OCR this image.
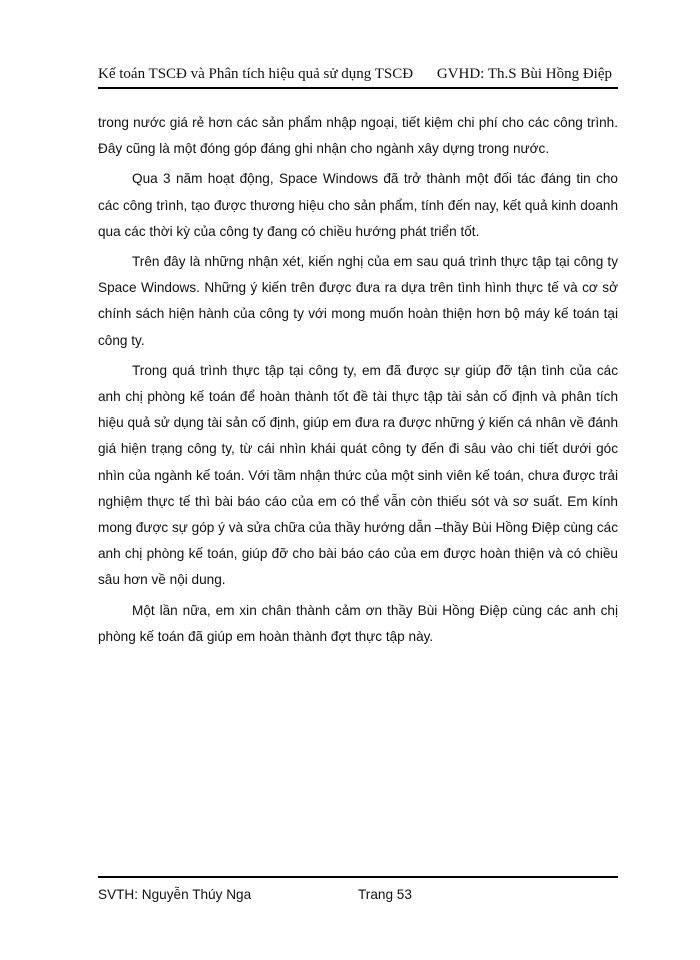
Kế toán TSCĐ và Phân tích hiệu quả sử dụng TSCĐ GVHD: Th.S Bùi Hồng Điệp

trong nước giá rẻ hơn các sản phẩm nhập ngoại, tiết kiệm chi phí cho các công trình. Đây cũng là một đóng góp đáng ghi nhận cho ngành xây dựng trong nước.

Qua 3 năm hoạt động, Space Windows đã trở thành một đối tác đáng tin cho các công trình, tạo được thương hiệu cho sản phẩm, tính đến nay, kết quả kinh doanh qua các thời kỳ của công ty đang có chiều hướng phát triển tốt.

Trên đây là những nhận xét, kiến nghị của em sau quá trình thực tập tại công ty Space Windows. Những ý kiến trên được đưa ra dựa trên tình hình thực tế và cơ sở chính sách hiện hành của công ty với mong muốn hoàn thiện hơn bộ máy kế toán tại công ty.

Trong quá trình thực tập tại công ty, em đã được sự giúp đỡ tận tình của các anh chị phòng kế toán để hoàn thành tốt đề tài thực tập tài sản cố định và phân tích hiệu quả sử dụng tài sản cố định, giúp em đưa ra được những ý kiến cá nhân về đánh giá hiện trạng công ty, từ cái nhìn khái quát công ty đến đi sâu vào chi tiết dưới góc nhìn của ngành kế toán. Với tầm nhận thức của một sinh viên kế toán, chưa được trải nghiệm thực tế thì bài báo cáo của em có thể vẫn còn thiếu sót và sơ suất. Em kính mong được sự góp ý và sửa chữa của thầy hướng dẫn –thầy Bùi Hồng Điệp cùng các anh chị phòng kế toán, giúp đỡ cho bài báo cáo của em được hoàn thiện và có chiều sâu hơn về nội dung.

Một lần nữa, em xin chân thành cảm ơn thầy Bùi Hồng Điệp cùng các anh chị phòng kế toán đã giúp em hoàn thành đợt thực tập này.

SVTH: Nguyễn Thúy Nga	Trang 53
